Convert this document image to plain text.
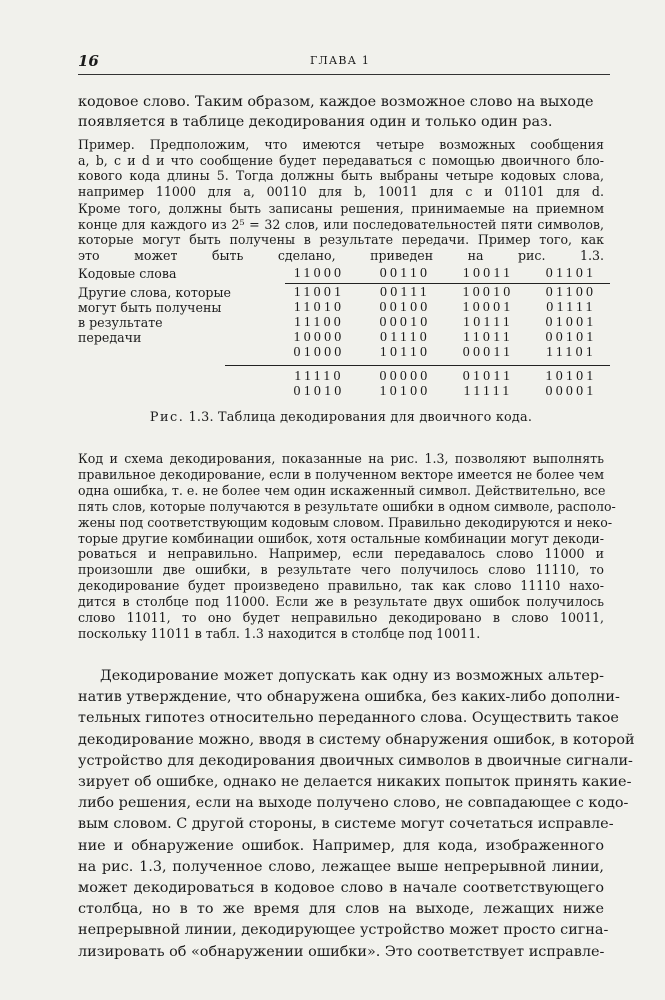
16	ГЛАВА 1

кодовое слово. Таким образом, каждое возможное слово на выходе
появляется в таблице декодирования один и только один раз.

Пример. Предположим, что имеются четыре возможных сообщения
a, b, c и d и что сообщение будет передаваться с помощью двоичного бло-
кового кода длины 5. Тогда должны быть выбраны четыре кодовых слова,
например 11000 для a, 00110 для b, 10011 для c и 01101 для d.

Кроме того, должны быть записаны решения, принимаемые на приемном
конце для каждого из 2⁵ = 32 слов, или последовательностей пяти символов,
которые могут быть получены в результате передачи. Пример того, как
это может быть сделано, приведен на рис. 1.3.

Кодовые слова
Другие слова, которые
могут быть получены
в результате
передачи
11000	00110	10011	01101
11001	00111	10010	01100
11010	00100	10001	01111
11100	00010	10111	01001
10000	01110	11011	00101
01000	10110	00011	11101
11110	00000	01011	10101
01010	10100	11111	00001
Рис. 1.3. Таблица декодирования для двоичного кода.

Код и схема декодирования, показанные на рис. 1.3, позволяют выполнять
правильное декодирование, если в полученном векторе имеется не более чем
одна ошибка, т. е. не более чем один искаженный символ. Действительно, все
пять слов, которые получаются в результате ошибки в одном символе, располо-
жены под соответствующим кодовым словом. Правильно декодируются и неко-
торые другие комбинации ошибок, хотя остальные комбинации могут декоди-
роваться и неправильно. Например, если передавалось слово 11000 и
произошли две ошибки, в результате чего получилось слово 11110, то
декодирование будет произведено правильно, так как слово 11110 нахо-
дится в столбце под 11000. Если же в результате двух ошибок получилось
слово 11011, то оно будет неправильно декодировано в слово 10011,
поскольку 11011 в табл. 1.3 находится в столбце под 10011.

Декодирование может допускать как одну из возможных альтер-
натив утверждение, что обнаружена ошибка, без каких-либо дополни-
тельных гипотез относительно переданного слова. Осуществить такое
декодирование можно, вводя в систему обнаружения ошибок, в которой
устройство для декодирования двоичных символов в двоичные сигнали-
зирует об ошибке, однако не делается никаких попыток принять какие-
либо решения, если на выходе получено слово, не совпадающее с кодо-
вым словом. С другой стороны, в системе могут сочетаться исправле-
ние и обнаружение ошибок. Например, для кода, изображенного
на рис. 1.3, полученное слово, лежащее выше непрерывной линии,
может декодироваться в кодовое слово в начале соответствующего
столбца, но в то же время для слов на выходе, лежащих ниже
непрерывной линии, декодирующее устройство может просто сигна-
лизировать об «обнаружении ошибки». Это соответствует исправле-
